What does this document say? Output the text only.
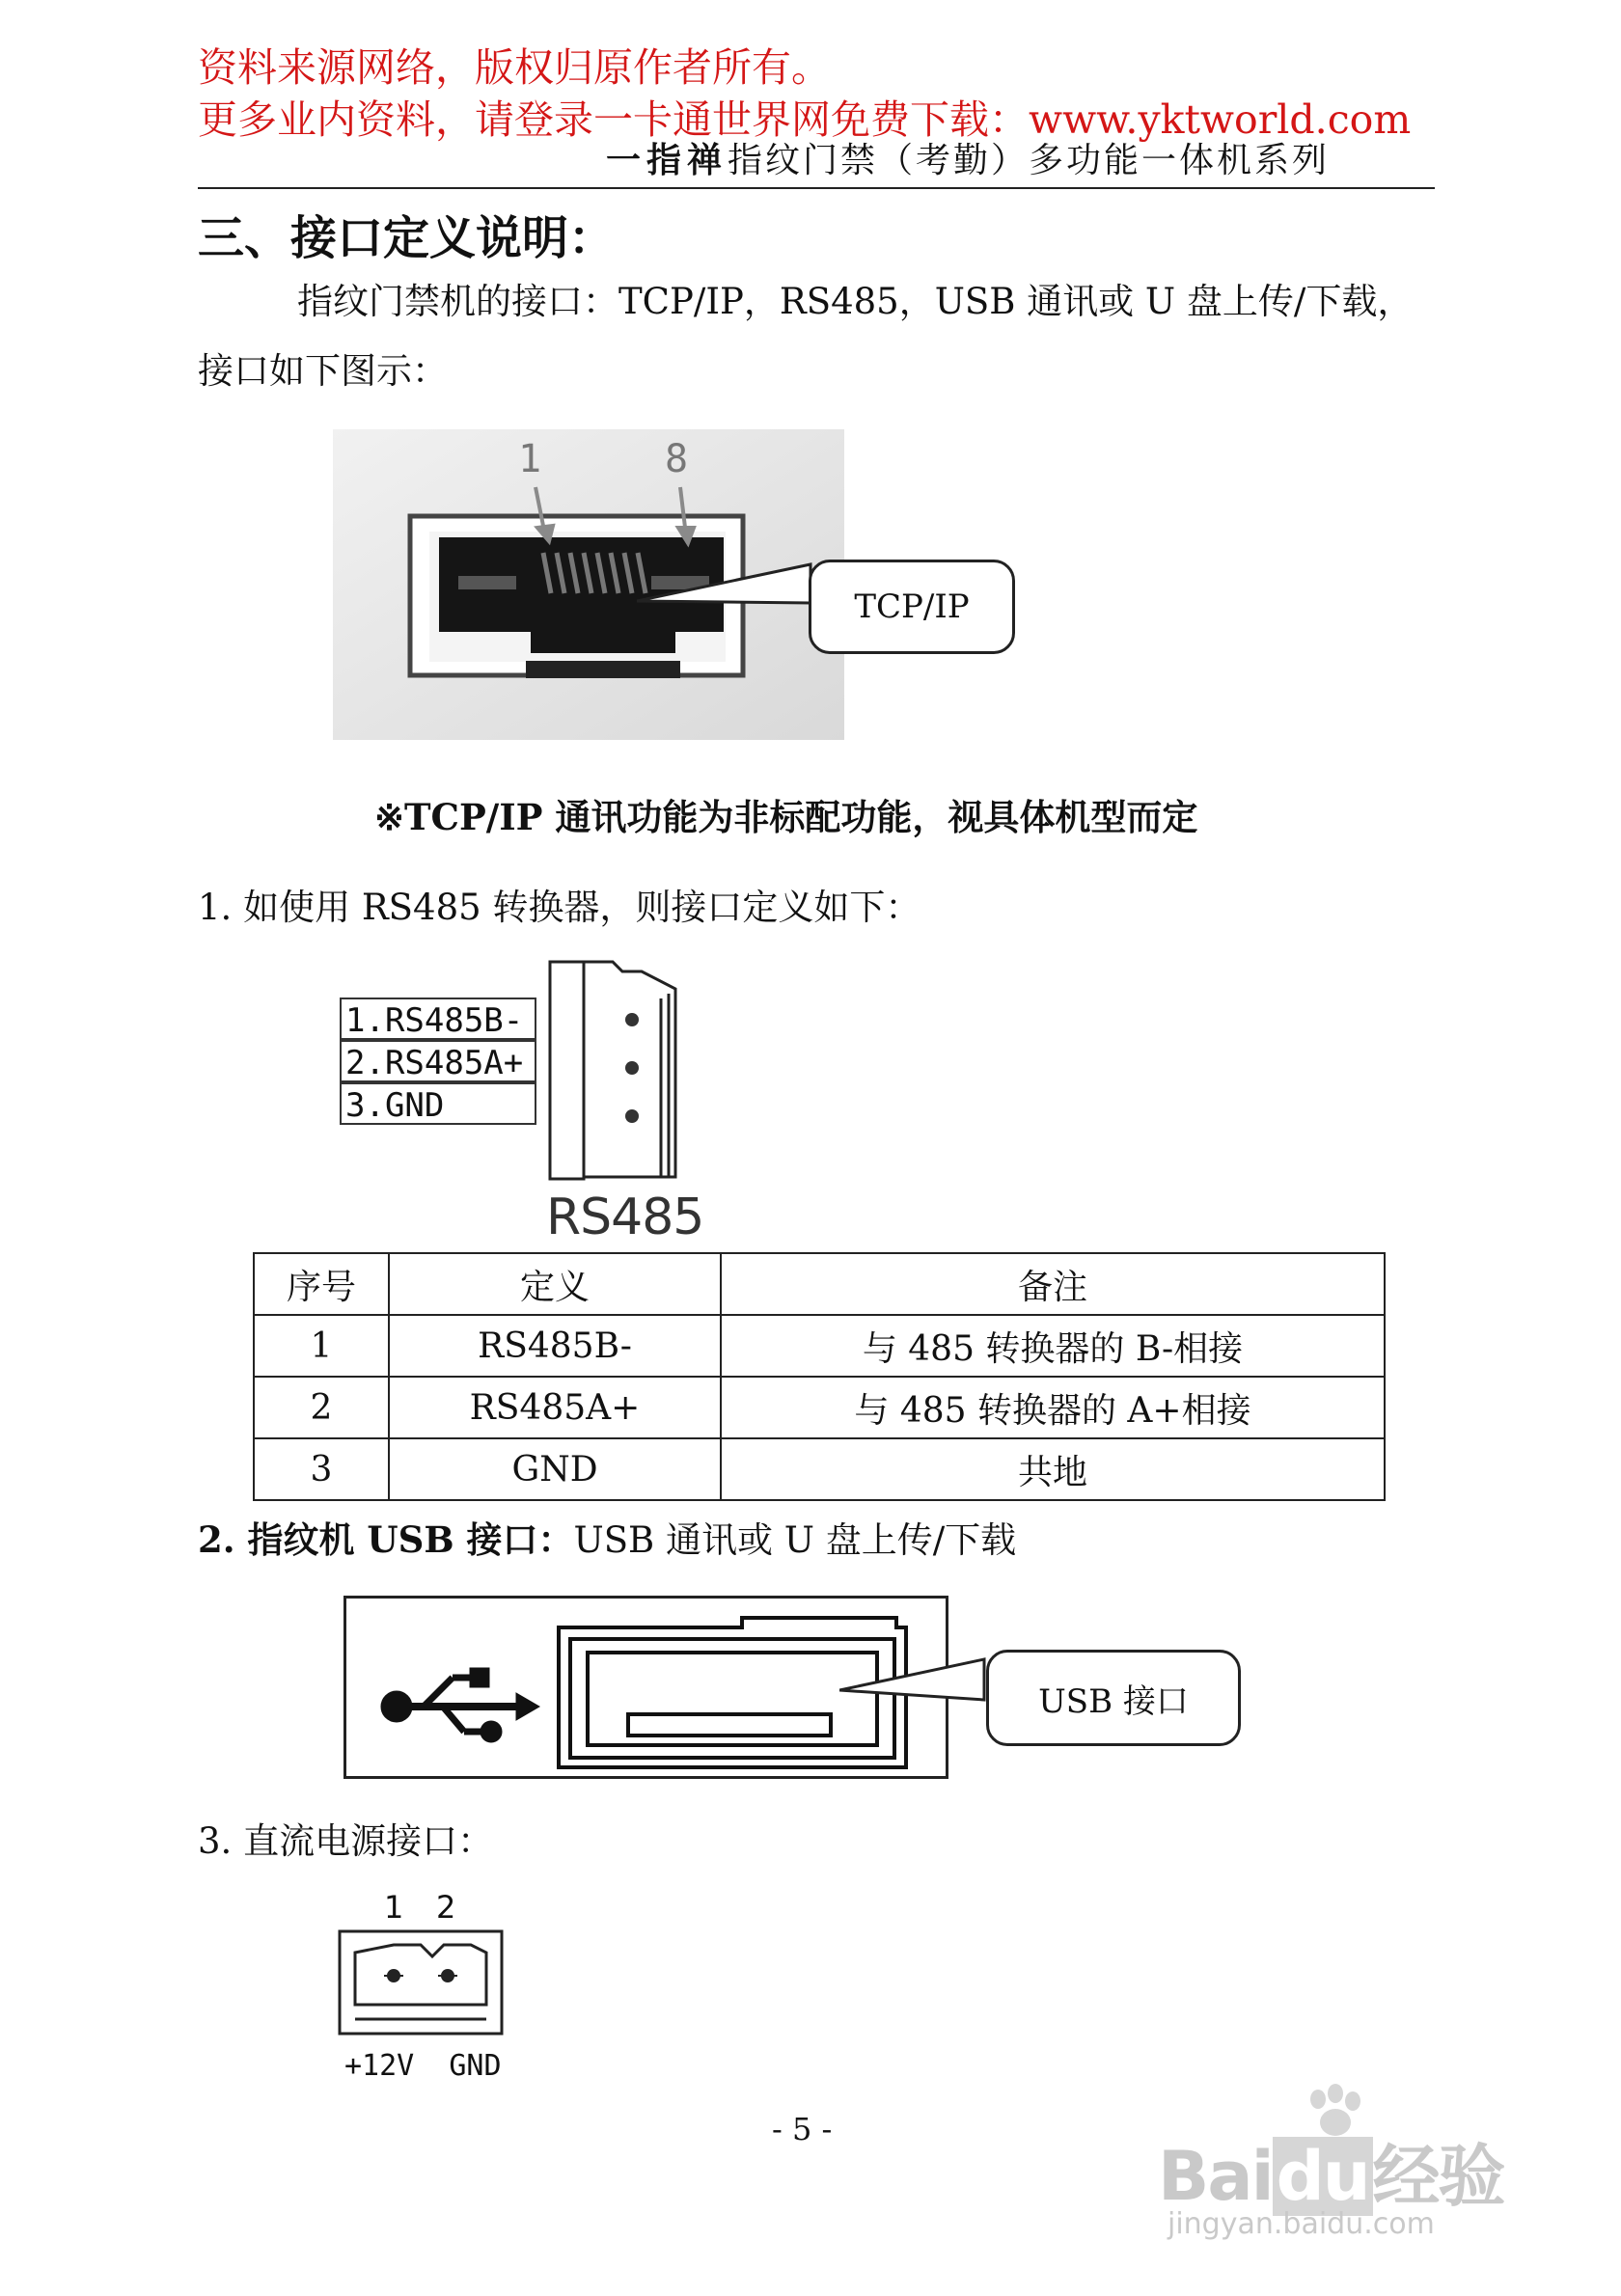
资料来源网络，版权归原作者所有。
更多业内资料，请登录一卡通世界网免费下载：www.yktworld.com
一指禅指纹门禁（考勤）多功能一体机系列
三、接口定义说明：
指纹门禁机的接口：TCP/IP，RS485，USB 通讯或 U 盘上传/下载，
接口如下图示：
1	8
TCP/IP
※TCP/IP 通讯功能为非标配功能，视具体机型而定
1. 如使用 RS485 转换器，则接口定义如下：
1.RS485B-
2.RS485A+
3.GND
RS485
序号	定义	备注
1	RS485B-	与 485 转换器的 B-相接
2	RS485A+	与 485 转换器的 A+相接
3	GND	共地
2. 指纹机 USB 接口：USB 通讯或 U 盘上传/下载
USB 接口
3. 直流电源接口：
1 2
+12V  GND
- 5 -
Baidu经验
jingyan.baidu.com
